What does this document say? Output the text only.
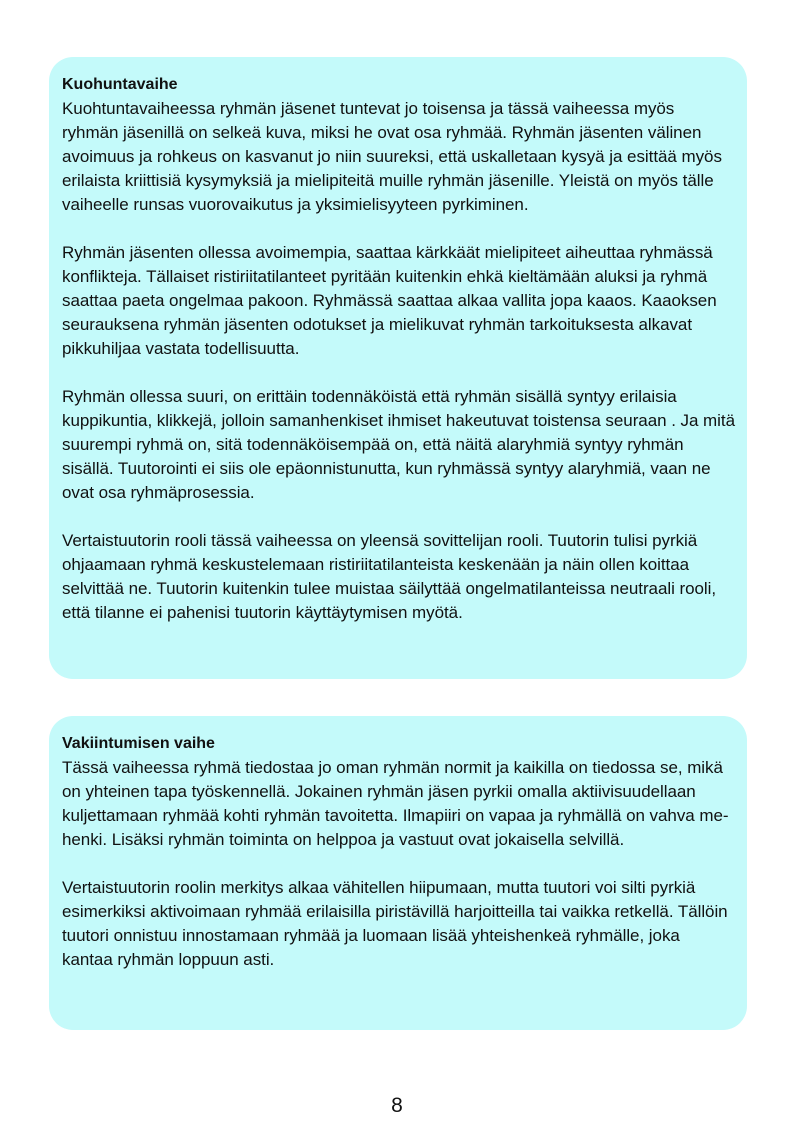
Kuohuntavaihe

Kuohtuntavaiheessa ryhmän jäsenet tuntevat jo toisensa ja tässä vaiheessa myös ryhmän jäsenillä on selkeä kuva, miksi he ovat osa ryhmää. Ryhmän jäsenten välinen avoimuus ja rohkeus on kasvanut jo niin suureksi, että uskalletaan kysyä ja esittää myös erilaista kriittisiä kysymyksiä ja mielipiteitä muille ryhmän jäsenille. Yleistä on myös tälle vaiheelle runsas vuorovaikutus ja yksimielisyyteen pyrkiminen.

Ryhmän jäsenten ollessa avoimempia, saattaa kärkkäät mielipiteet aiheuttaa ryhmässä konflikteja. Tällaiset ristiriitatilanteet pyritään kuitenkin ehkä kieltämään aluksi ja ryhmä saattaa paeta ongelmaa pakoon. Ryhmässä saattaa alkaa vallita jopa kaaos. Kaaoksen seurauksena ryhmän jäsenten odotukset ja mielikuvat ryhmän tarkoituksesta alkavat pikkuhiljaa vastata todellisuutta.

Ryhmän ollessa suuri, on erittäin todennäköistä että ryhmän sisällä syntyy erilaisia kuppikuntia, klikkejä, jolloin samanhenkiset ihmiset hakeutuvat toistensa seuraan . Ja mitä suurempi ryhmä on, sitä todennäköisempää on, että näitä alaryhmiä syntyy ryhmän sisällä. Tuutorointi ei siis ole epäonnistunutta, kun ryhmässä syntyy alaryhmiä, vaan ne ovat osa ryhmäprosessia.

Vertaistuutorin rooli tässä vaiheessa on yleensä sovittelijan rooli. Tuutorin tulisi pyrkiä ohjaamaan ryhmä keskustelemaan ristiriitatilanteista keskenään ja näin ollen koittaa selvittää ne. Tuutorin kuitenkin tulee muistaa säilyttää ongelmatilanteissa neutraali rooli, että tilanne ei pahenisi tuutorin käyttäytymisen myötä.

Vakiintumisen vaihe

Tässä vaiheessa ryhmä tiedostaa jo oman ryhmän normit ja kaikilla on tiedossa se, mikä on yhteinen tapa työskennellä. Jokainen ryhmän jäsen pyrkii omalla aktiivisuudellaan kuljettamaan ryhmää kohti ryhmän tavoitetta. Ilmapiiri on vapaa ja ryhmällä on vahva me-henki. Lisäksi ryhmän toiminta on helppoa ja vastuut ovat jokaisella selvillä.

Vertaistuutorin roolin merkitys alkaa vähitellen hiipumaan, mutta tuutori voi silti pyrkiä esimerkiksi aktivoimaan ryhmää erilaisilla piristävillä harjoitteilla tai vaikka retkellä. Tällöin tuutori onnistuu innostamaan ryhmää ja luomaan lisää yhteishenkeä ryhmälle, joka kantaa ryhmän loppuun asti.

8
